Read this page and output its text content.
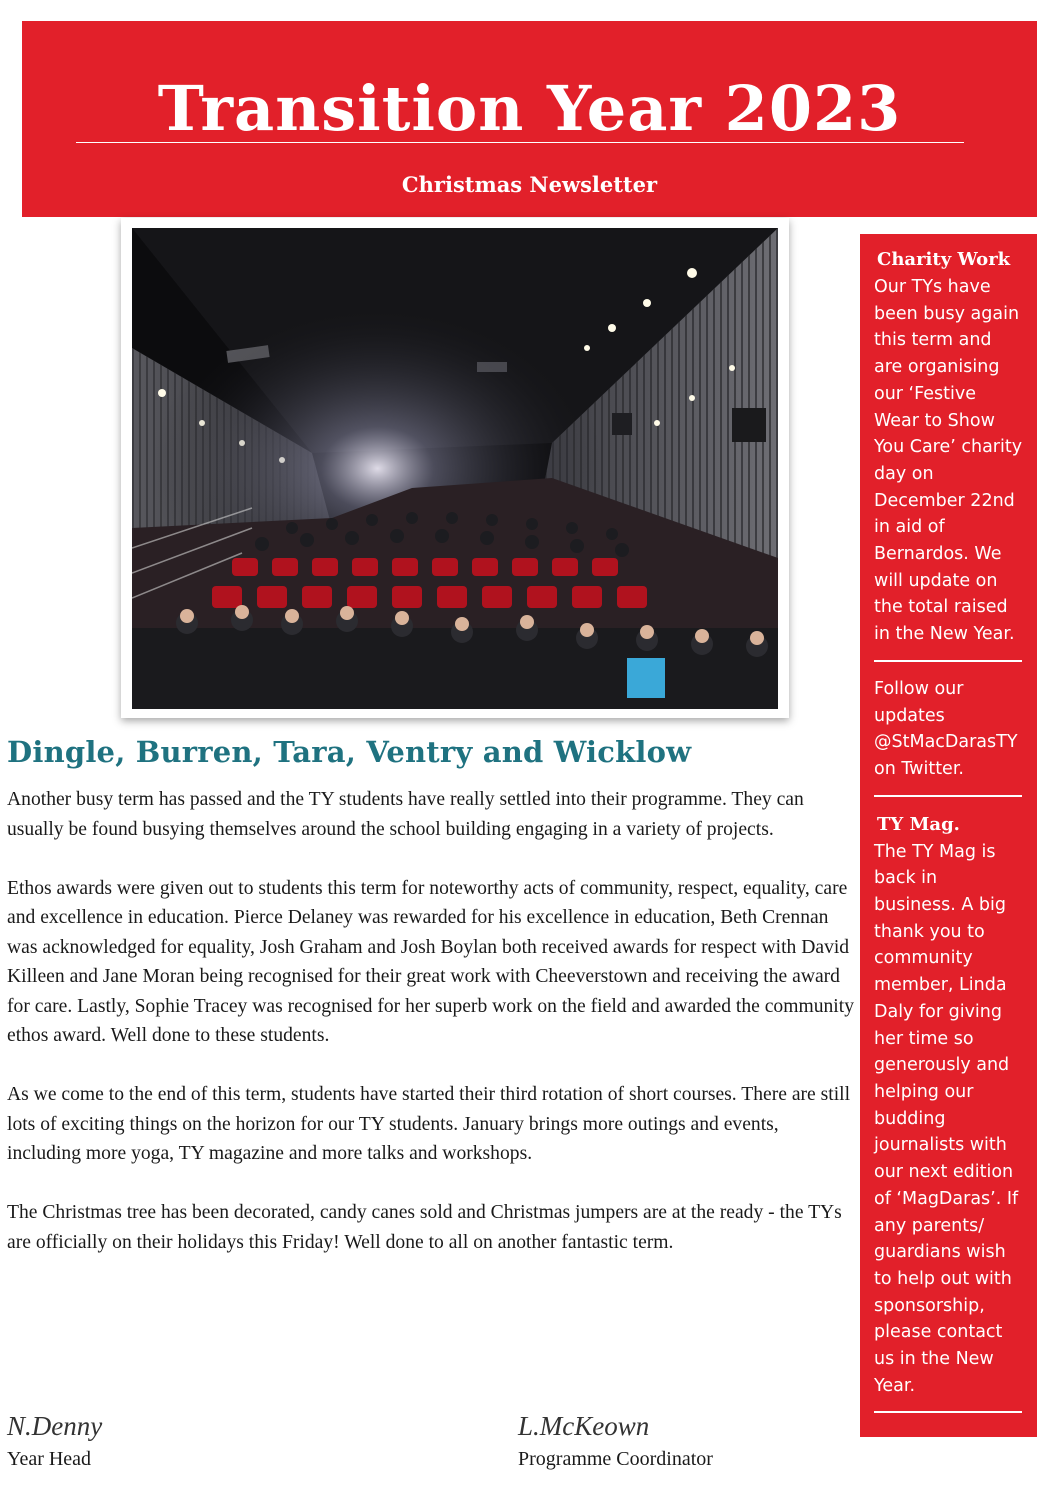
Transition Year 2023
Christmas Newsletter
Dingle, Burren, Tara, Ventry and Wicklow

Another busy term has passed and the TY students have really settled into their programme. They can usually be found busying themselves around the school building engaging in a variety of projects.

Ethos awards were given out to students this term for noteworthy acts of community, respect, equality, care and excellence in education. Pierce Delaney was rewarded for his excellence in education, Beth Crennan was acknowledged for equality, Josh Graham and Josh Boylan both received awards for respect with David Killeen and Jane Moran being recognised for their great work with Cheeverstown and receiving the award for care. Lastly, Sophie Tracey was recognised for her superb work on the field and awarded the community ethos award. Well done to these students.

As we come to the end of this term, students have started their third rotation of short courses. There are still lots of exciting things on the horizon for our TY students. January brings more outings and events, including more yoga, TY magazine and more talks and workshops.

The Christmas tree has been decorated, candy canes sold and Christmas jumpers are at the ready - the TYs are officially on their holidays this Friday! Well done to all on another fantastic term.

N.Denny
Year Head
L.McKeown
Programme Coordinator
Charity Work
Our TYs have been busy again this term and are organising our ‘Festive Wear to Show You Care’ charity day on December 22nd in aid of Bernardos. We will update on the total raised in the New Year.
Follow our updates @StMacDarasTY on Twitter.
TY Mag.
The TY Mag is back in business. A big thank you to community member, Linda Daly for giving her time so generously and helping our budding journalists with our next edition of ‘MagDaras’. If any parents/ guardians wish to help out with sponsorship, please contact us in the New Year.
